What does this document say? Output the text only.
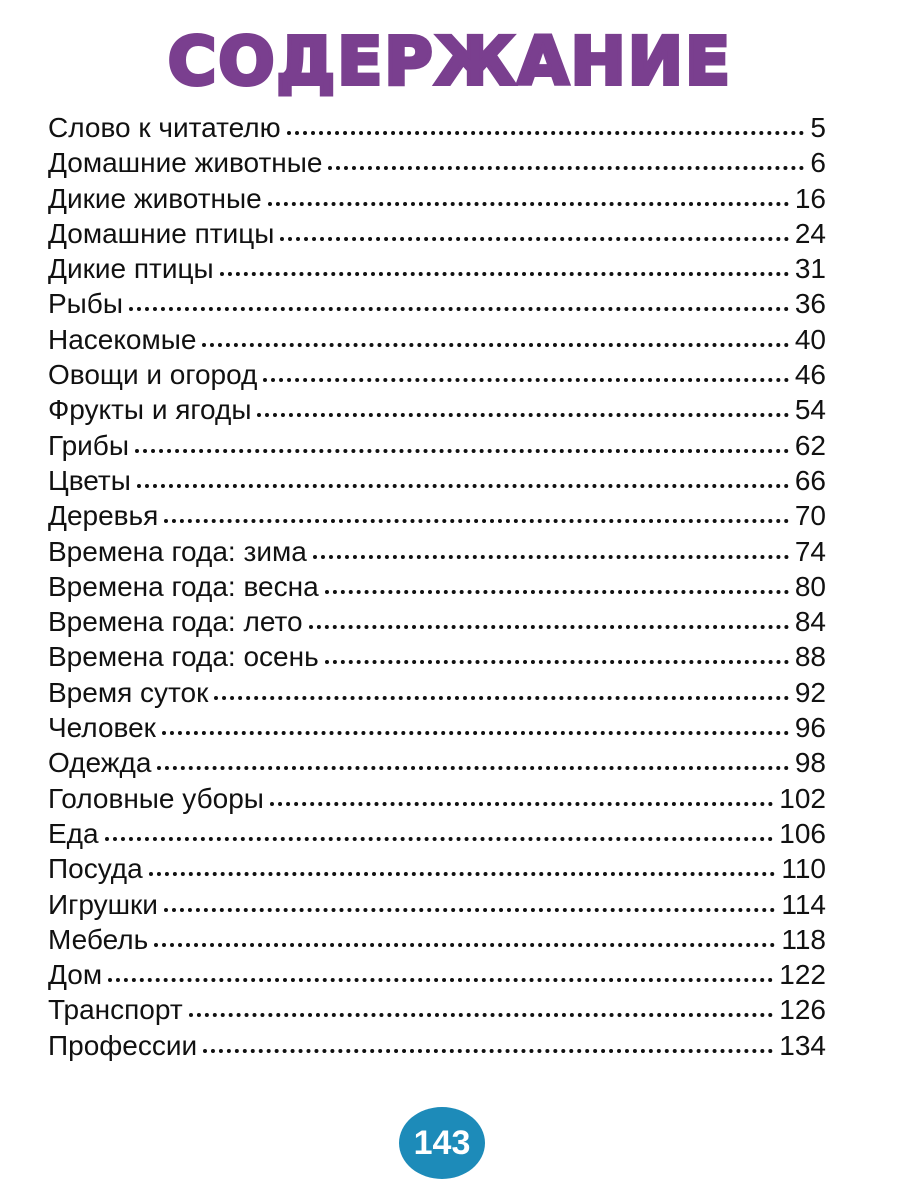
СОДЕРЖАНИЕ
Слово к читателю	5
Домашние животные	6
Дикие животные	16
Домашние птицы	24
Дикие птицы	31
Рыбы	36
Насекомые	40
Овощи и огород	46
Фрукты и ягоды	54
Грибы	62
Цветы	66
Деревья	70
Времена года: зима	74
Времена года: весна	80
Времена года: лето	84
Времена года: осень	88
Время суток	92
Человек	96
Одежда	98
Головные уборы	102
Еда	106
Посуда	110
Игрушки	114
Мебель	118
Дом	122
Транспорт	126
Профессии	134
143
